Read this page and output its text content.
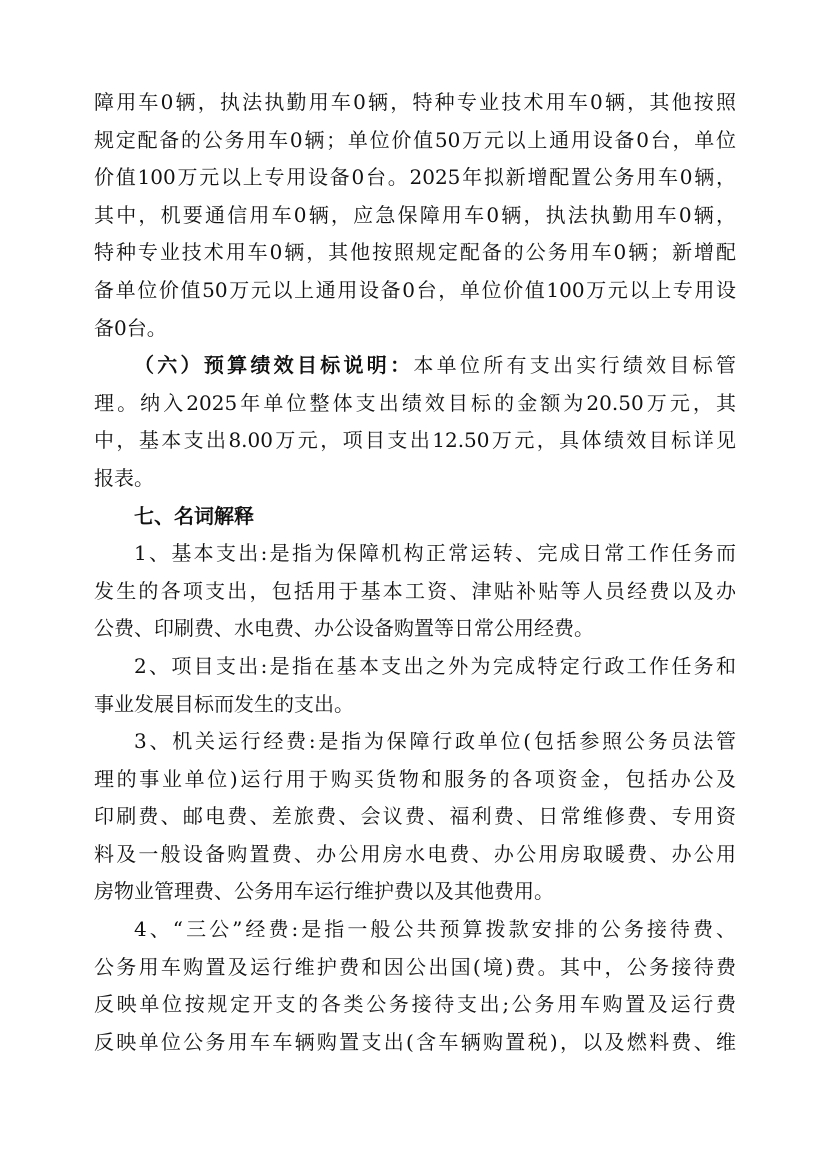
障用车0辆，执法执勤用车0辆，特种专业技术用车0辆，其他按照
规定配备的公务用车0辆；单位价值50万元以上通用设备0台，单位
价值100万元以上专用设备0台。2025年拟新增配置公务用车0辆，
其中，机要通信用车0辆，应急保障用车0辆，执法执勤用车0辆，
特种专业技术用车0辆，其他按照规定配备的公务用车0辆；新增配
备单位价值50万元以上通用设备0台，单位价值100万元以上专用设
备0台。
（六）预算绩效目标说明：本单位所有支出实行绩效目标管
理。纳入2025年单位整体支出绩效目标的金额为20.50万元，其
中，基本支出8.00万元，项目支出12.50万元，具体绩效目标详见
报表。
七、名词解释
1、基本支出:是指为保障机构正常运转、完成日常工作任务而
发生的各项支出，包括用于基本工资、津贴补贴等人员经费以及办
公费、印刷费、水电费、办公设备购置等日常公用经费。
2、项目支出:是指在基本支出之外为完成特定行政工作任务和
事业发展目标而发生的支出。
3、机关运行经费:是指为保障行政单位(包括参照公务员法管
理的事业单位)运行用于购买货物和服务的各项资金，包括办公及
印刷费、邮电费、差旅费、会议费、福利费、日常维修费、专用资
料及一般设备购置费、办公用房水电费、办公用房取暖费、办公用
房物业管理费、公务用车运行维护费以及其他费用。
4、“三公”经费:是指一般公共预算拨款安排的公务接待费、
公务用车购置及运行维护费和因公出国(境)费。其中，公务接待费
反映单位按规定开支的各类公务接待支出;公务用车购置及运行费
反映单位公务用车车辆购置支出(含车辆购置税)，以及燃料费、维
